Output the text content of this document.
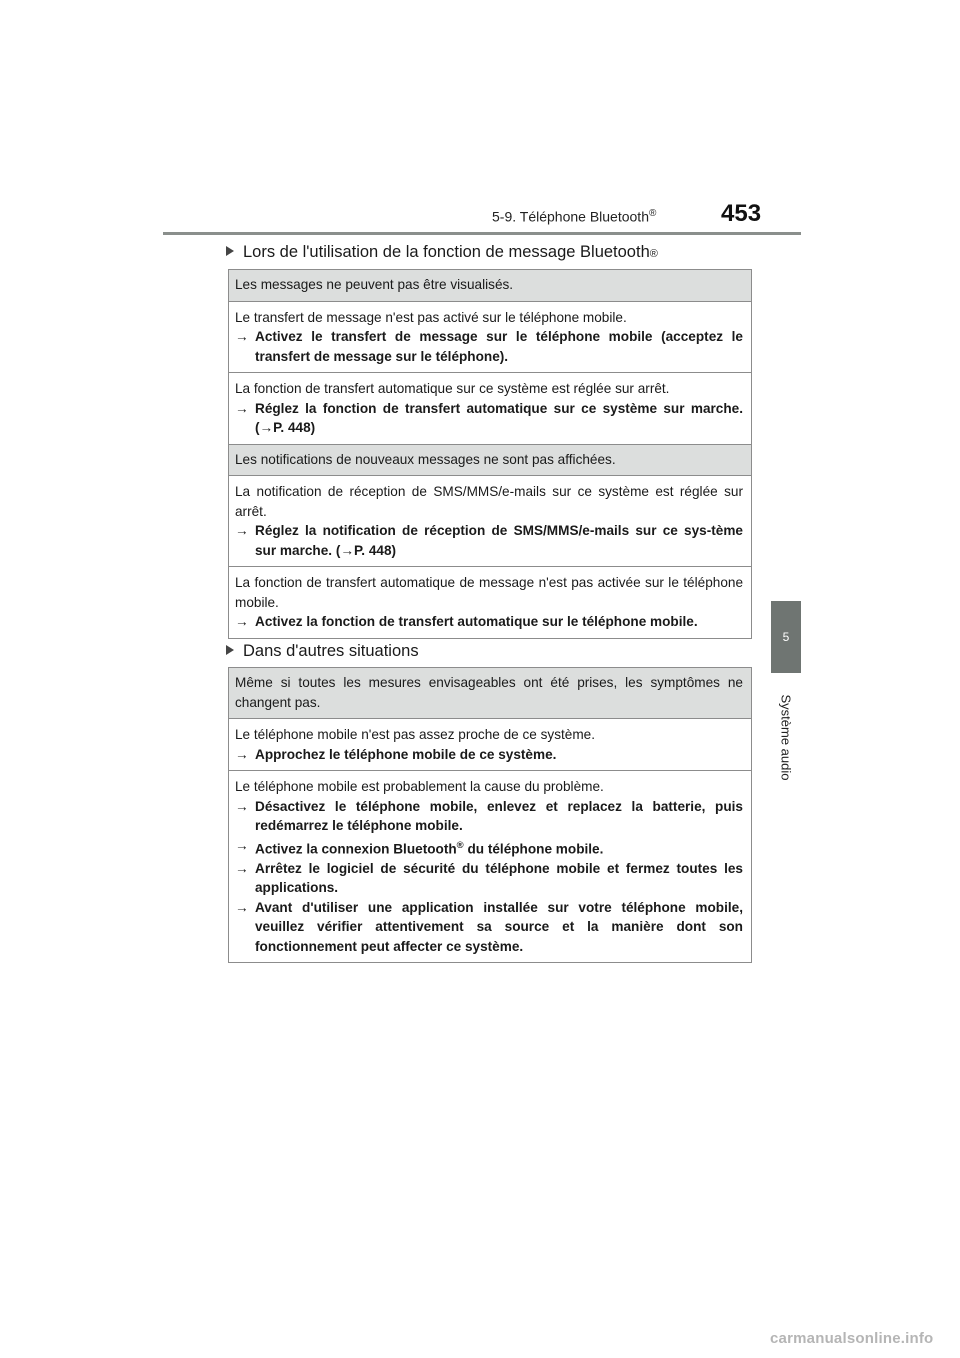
5-9. Téléphone Bluetooth®	453
5
Système audio
Lors de l'utilisation de la fonction de message Bluetooth ®
Les messages ne peuvent pas être visualisés.
Le transfert de message n'est pas activé sur le téléphone mobile.
→ Activez le transfert de message sur le téléphone mobile (acceptez le transfert de message sur le téléphone).
La fonction de transfert automatique sur ce système est réglée sur arrêt.
→ Réglez la fonction de transfert automatique sur ce système sur marche. (→P. 448)
Les notifications de nouveaux messages ne sont pas affichées.
La notification de réception de SMS/MMS/e-mails sur ce système est réglée sur arrêt.
→ Réglez la notification de réception de SMS/MMS/e-mails sur ce sys-tème sur marche. (→P. 448)
La fonction de transfert automatique de message n'est pas activée sur le téléphone mobile.
→ Activez la fonction de transfert automatique sur le téléphone mobile.
Dans d'autres situations
Même si toutes les mesures envisageables ont été prises, les symptômes ne changent pas.
Le téléphone mobile n'est pas assez proche de ce système.
→ Approchez le téléphone mobile de ce système.
Le téléphone mobile est probablement la cause du problème.
→ Désactivez le téléphone mobile, enlevez et replacez la batterie, puis redémarrez le téléphone mobile.
→ Activez la connexion Bluetooth® du téléphone mobile.
→ Arrêtez le logiciel de sécurité du téléphone mobile et fermez toutes les applications.
→ Avant d'utiliser une application installée sur votre téléphone mobile, veuillez vérifier attentivement sa source et la manière dont son fonctionnement peut affecter ce système.
carmanualsonline.info
